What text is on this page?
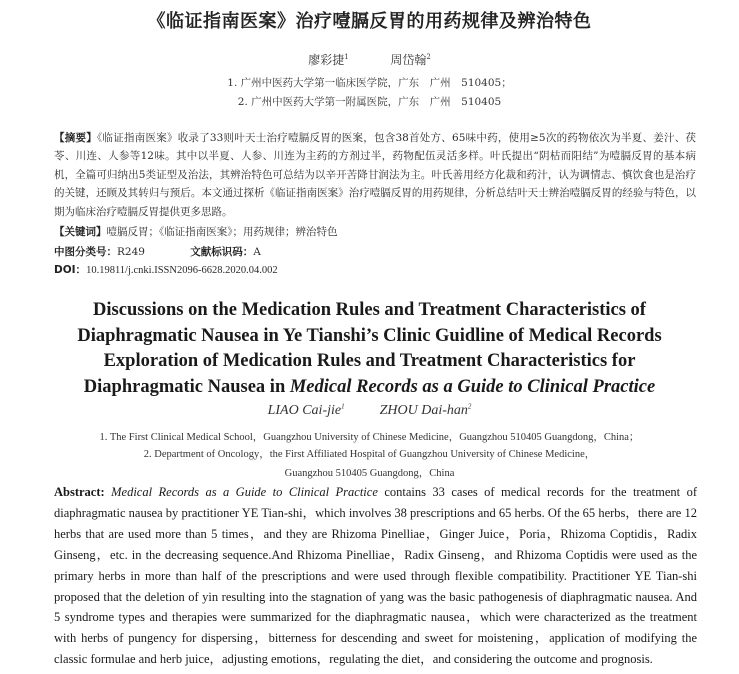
《临证指南医案》治疗噎膈反胃的用药规律及辨治特色
廖彩捷$^1$	周岱翰$^2$
1. 广州中医药大学第一临床医学院，广东　广州　510405；
2. 广州中医药大学第一附属医院，广东　广州　510405
【摘要】《临证指南医案》收录了33则叶天士治疗噎膈反胃的医案，包含38首处方、65味中药，使用≥5次的药物依次为半夏、姜汁、茯苓、川连、人参等12味。其中以半夏、人参、川连为主药的方剂过半，药物配伍灵活多样。叶氏提出“阴枯而阳结”为噎膈反胃的基本病机，全篇可归纳出5类证型及治法，其辨治特色可总结为以辛开苦降甘润法为主。叶氏善用经方化裁和药汁，认为调情志、慎饮食也是治疗的关键，还顾及其转归与预后。本文通过探析《临证指南医案》治疗噎膈反胃的用药规律，分析总结叶天士辨治噎膈反胃的经验与特色，以期为临床治疗噎膈反胃提供更多思路。
【关键词】噎膈反胃；《临证指南医案》；用药规律；辨治特色
中图分类号：R249	文献标识码：A
DOI：10.19811/j.cnki.ISSN2096-6628.2020.04.002
Discussions on the Medication Rules and Treatment Characteristics of
Diaphragmatic Nausea in Ye Tianshi’s Clinic Guidline of Medical Records
Exploration of Medication Rules and Treatment Characteristics for
Diaphragmatic Nausea in Medical Records as a Guide to Clinical Practice
LIAO Cai-jie$^1$	ZHOU Dai-han$^2$
1. The First Clinical Medical School，Guangzhou University of Chinese Medicine，Guangzhou 510405 Guangdong，China；
2. Department of Oncology，the First Affiliated Hospital of Guangzhou University of Chinese Medicine，
Guangzhou 510405 Guangdong，China
Abstract: Medical Records as a Guide to Clinical Practice contains 33 cases of medical records for the treatment of diaphragmatic nausea by practitioner YE Tian-shi，which involves 38 prescriptions and 65 herbs. Of the 65 herbs，there are 12 herbs that are used more than 5 times，and they are Rhizoma Pinelliae，Ginger Juice，Poria，Rhizoma Coptidis，Radix Ginseng，etc. in the decreasing sequence.And Rhizoma Pinelliae，Radix Ginseng，and Rhizoma Coptidis were used as the primary herbs in more than half of the prescriptions and were used through flexible compatibility. Practitioner YE Tian-shi proposed that the deletion of yin resulting into the stagnation of yang was the basic pathogenesis of diaphragmatic nausea. And 5 syndrome types and therapies were summarized for the diaphragmatic nausea，which were characterized as the treatment with herbs of pungency for dispersing，bitterness for descending and sweet for moistening，application of modifying the classic formulae and herb juice，adjusting emotions，regulating the diet，and considering the outcome and prognosis.
